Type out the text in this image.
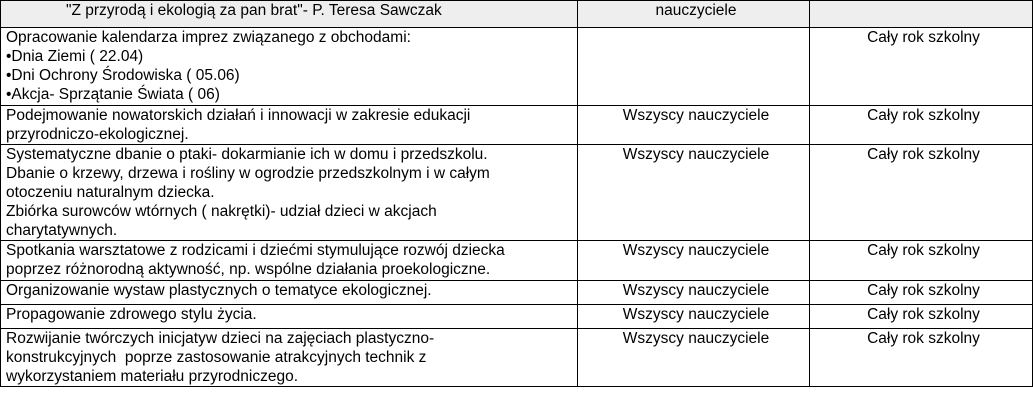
"Z przyrodą i ekologią za pan brat"- P. Teresa Sawczak	nauczyciele	

Opracowanie kalendarza imprez związanego z obchodami:
•Dnia Ziemi ( 22.04)
•Dni Ochrony Środowiska ( 05.06)
•Akcja- Sprzątanie Świata ( 06)		Cały rok szkolny

Podejmowanie nowatorskich działań i innowacji w zakresie edukacji
przyrodniczo-ekologicznej.	Wszyscy nauczyciele	Cały rok szkolny

Systematyczne dbanie o ptaki- dokarmianie ich w domu i przedszkolu.
Dbanie o krzewy, drzewa i rośliny w ogrodzie przedszkolnym i w całym
otoczeniu naturalnym dziecka.
Zbiórka surowców wtórnych ( nakrętki)- udział dzieci w akcjach
charytatywnych.	Wszyscy nauczyciele	Cały rok szkolny

Spotkania warsztatowe z rodzicami i dziećmi stymulujące rozwój dziecka
poprzez różnorodną aktywność, np. wspólne działania proekologiczne.	Wszyscy nauczyciele	Cały rok szkolny

Organizowanie wystaw plastycznych o tematyce ekologicznej.	Wszyscy nauczyciele	Cały rok szkolny

Propagowanie zdrowego stylu życia.	Wszyscy nauczyciele	Cały rok szkolny

Rozwijanie twórczych inicjatyw dzieci na zajęciach plastyczno-
konstrukcyjnych  poprze zastosowanie atrakcyjnych technik z
wykorzystaniem materiału przyrodniczego.	Wszyscy nauczyciele	Cały rok szkolny
